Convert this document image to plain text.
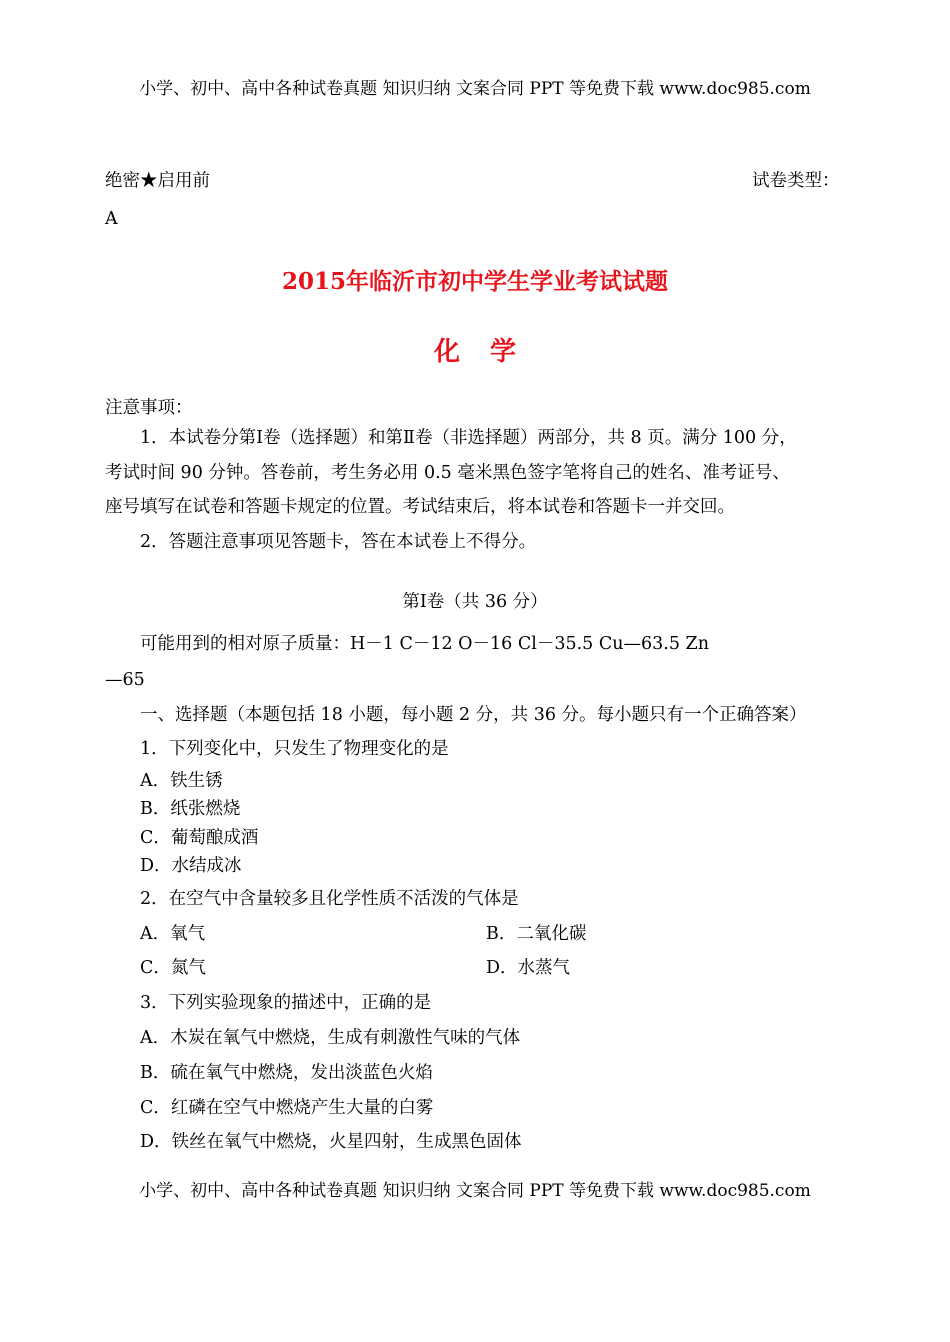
小学、初中、高中各种试卷真题 知识归纳 文案合同 PPT 等免费下载 www.doc985.com
绝密★启用前	试卷类型：
A
2015年临沂市初中学生学业考试试题
化学
注意事项：
1．本试卷分第Ⅰ卷（选择题）和第Ⅱ卷（非选择题）两部分，共 8 页。满分 100 分，
考试时间 90 分钟。答卷前，考生务必用 0.5 毫米黑色签字笔将自己的姓名、准考证号、
座号填写在试卷和答题卡规定的位置。考试结束后，将本试卷和答题卡一并交回。
2．答题注意事项见答题卡，答在本试卷上不得分。
第Ⅰ卷（共 36 分）
可能用到的相对原子质量：H－1 C－12 O－16 Cl－35.5 Cu—63.5 Zn
—65
一、选择题（本题包括 18 小题，每小题 2 分，共 36 分。每小题只有一个正确答案）
1．下列变化中，只发生了物理变化的是
A．铁生锈
B．纸张燃烧
C．葡萄酿成酒
D．水结成冰
2．在空气中含量较多且化学性质不活泼的气体是
A．氧气	B．二氧化碳
C．氮气	D．水蒸气
3．下列实验现象的描述中，正确的是
A．木炭在氧气中燃烧，生成有刺激性气味的气体
B．硫在氧气中燃烧，发出淡蓝色火焰
C．红磷在空气中燃烧产生大量的白雾
D．铁丝在氧气中燃烧，火星四射，生成黑色固体
小学、初中、高中各种试卷真题 知识归纳 文案合同 PPT 等免费下载 www.doc985.com
